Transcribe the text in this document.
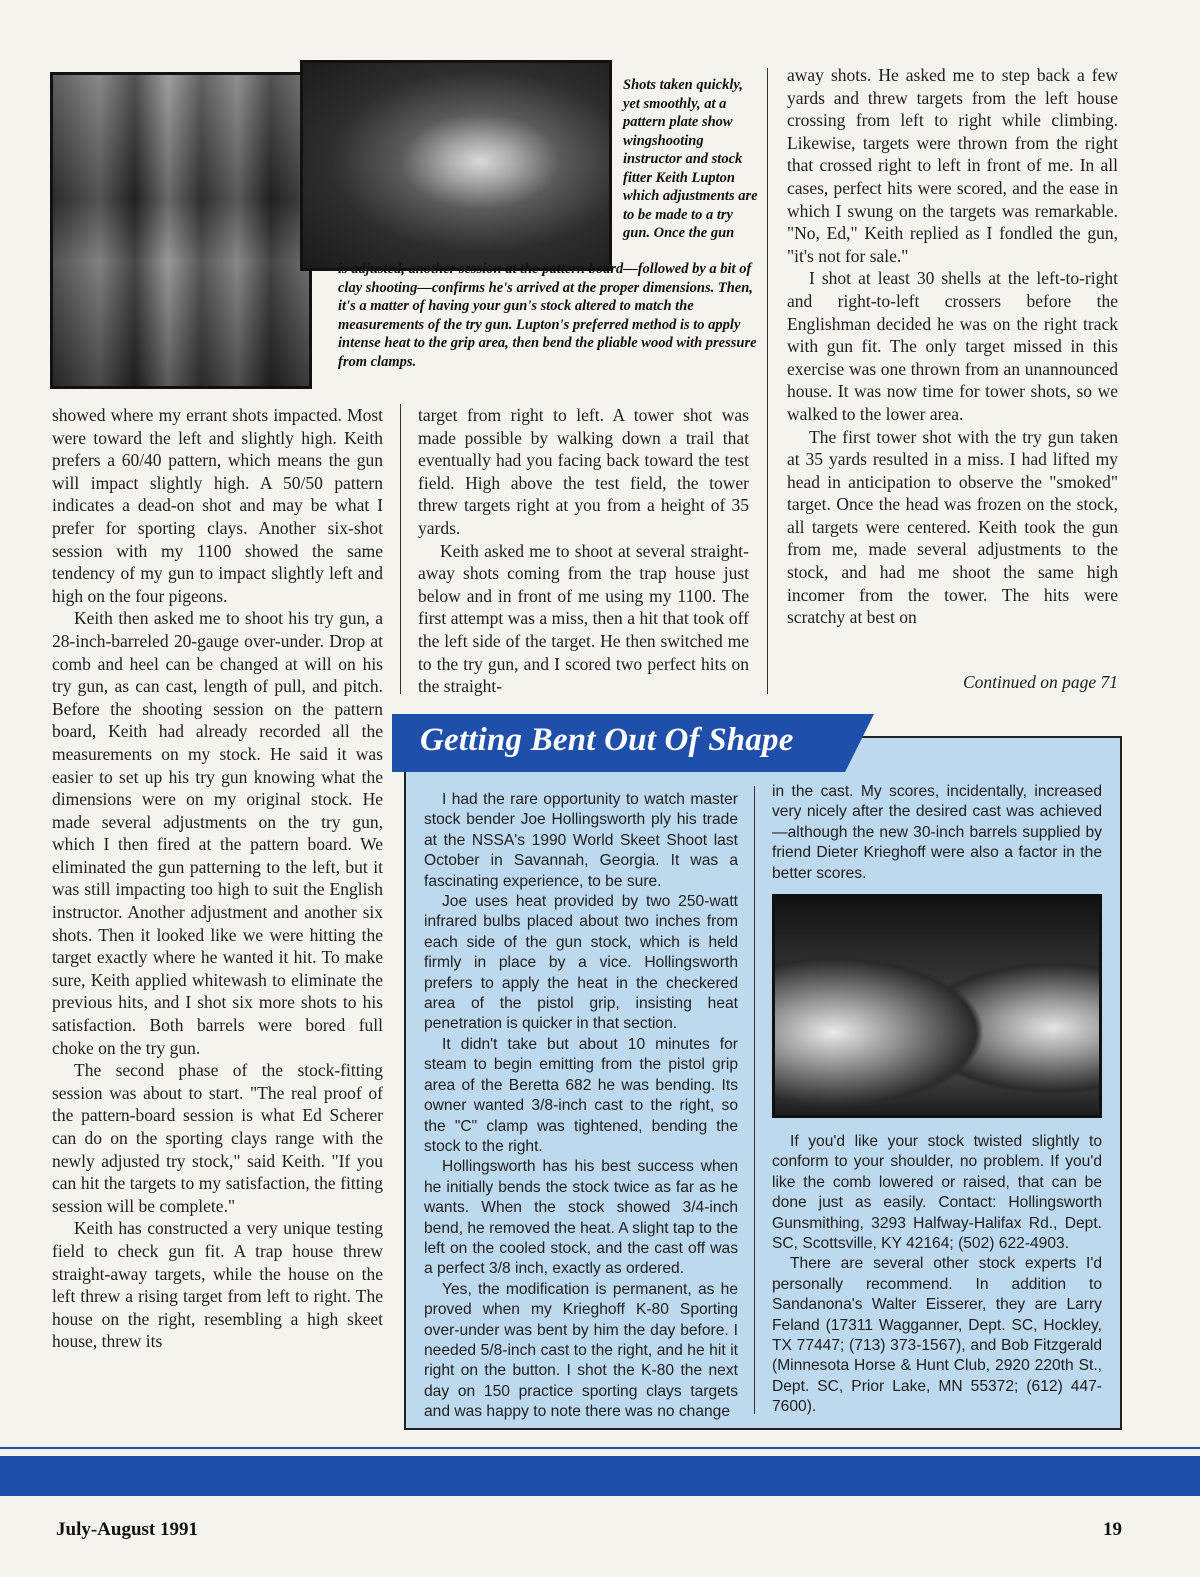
Shots taken quickly, yet smoothly, at a pattern plate show wingshooting instructor and stock fitter Keith Lupton which adjustments are to be made to a try gun. Once the gun
is adjusted, another session at the pattern board—followed by a bit of clay shooting—confirms he's arrived at the proper dimensions. Then, it's a matter of having your gun's stock altered to match the measurements of the try gun. Lupton's preferred method is to apply intense heat to the grip area, then bend the pliable wood with pressure from clamps.

showed where my errant shots impacted. Most were toward the left and slightly high. Keith prefers a 60/40 pattern, which means the gun will impact slightly high. A 50/50 pattern indicates a dead-on shot and may be what I prefer for sporting clays. Another six-shot session with my 1100 showed the same tendency of my gun to impact slightly left and high on the four pigeons.

Keith then asked me to shoot his try gun, a 28-inch-barreled 20-gauge over-under. Drop at comb and heel can be changed at will on his try gun, as can cast, length of pull, and pitch. Before the shooting session on the pattern board, Keith had already recorded all the measurements on my stock. He said it was easier to set up his try gun knowing what the dimensions were on my original stock. He made several adjustments on the try gun, which I then fired at the pattern board. We eliminated the gun patterning to the left, but it was still impacting too high to suit the English instructor. Another adjustment and another six shots. Then it looked like we were hitting the target exactly where he wanted it hit. To make sure, Keith applied whitewash to eliminate the previous hits, and I shot six more shots to his satisfaction. Both barrels were bored full choke on the try gun.

The second phase of the stock-fitting session was about to start. "The real proof of the pattern-board session is what Ed Scherer can do on the sporting clays range with the newly adjusted try stock," said Keith. "If you can hit the targets to my satisfaction, the fitting session will be complete."

Keith has constructed a very unique testing field to check gun fit. A trap house threw straight-away targets, while the house on the left threw a rising target from left to right. The house on the right, resembling a high skeet house, threw its

target from right to left. A tower shot was made possible by walking down a trail that eventually had you facing back toward the test field. High above the test field, the tower threw targets right at you from a height of 35 yards.

Keith asked me to shoot at several straight-away shots coming from the trap house just below and in front of me using my 1100. The first attempt was a miss, then a hit that took off the left side of the target. He then switched me to the try gun, and I scored two perfect hits on the straight-

away shots. He asked me to step back a few yards and threw targets from the left house crossing from left to right while climbing. Likewise, targets were thrown from the right that crossed right to left in front of me. In all cases, perfect hits were scored, and the ease in which I swung on the targets was remarkable. "No, Ed," Keith replied as I fondled the gun, "it's not for sale."

I shot at least 30 shells at the left-to-right and right-to-left crossers before the Englishman decided he was on the right track with gun fit. The only target missed in this exercise was one thrown from an unannounced house. It was now time for tower shots, so we walked to the lower area.

The first tower shot with the try gun taken at 35 yards resulted in a miss. I had lifted my head in anticipation to observe the "smoked" target. Once the head was frozen on the stock, all targets were centered. Keith took the gun from me, made several adjustments to the stock, and had me shoot the same high incomer from the tower. The hits were scratchy at best on

Continued on page 71
Getting Bent Out Of Shape

I had the rare opportunity to watch master stock bender Joe Hollingsworth ply his trade at the NSSA's 1990 World Skeet Shoot last October in Savannah, Georgia. It was a fascinating experience, to be sure.

Joe uses heat provided by two 250-watt infrared bulbs placed about two inches from each side of the gun stock, which is held firmly in place by a vice. Hollingsworth prefers to apply the heat in the checkered area of the pistol grip, insisting heat penetration is quicker in that section.

It didn't take but about 10 minutes for steam to begin emitting from the pistol grip area of the Beretta 682 he was bending. Its owner wanted 3/8-inch cast to the right, so the "C" clamp was tightened, bending the stock to the right.

Hollingsworth has his best success when he initially bends the stock twice as far as he wants. When the stock showed 3/4-inch bend, he removed the heat. A slight tap to the left on the cooled stock, and the cast off was a perfect 3/8 inch, exactly as ordered.

Yes, the modification is permanent, as he proved when my Krieghoff K-80 Sporting over-under was bent by him the day before. I needed 5/8-inch cast to the right, and he hit it right on the button. I shot the K-80 the next day on 150 practice sporting clays targets and was happy to note there was no change

in the cast. My scores, incidentally, increased very nicely after the desired cast was achieved—although the new 30-inch barrels supplied by friend Dieter Krieghoff were also a factor in the better scores.

If you'd like your stock twisted slightly to conform to your shoulder, no problem. If you'd like the comb lowered or raised, that can be done just as easily. Contact: Hollingsworth Gunsmithing, 3293 Halfway-Halifax Rd., Dept. SC, Scottsville, KY 42164; (502) 622-4903.

There are several other stock experts I'd personally recommend. In addition to Sandanona's Walter Eisserer, they are Larry Feland (17311 Wagganner, Dept. SC, Hockley, TX 77447; (713) 373-1567), and Bob Fitzgerald (Minnesota Horse & Hunt Club, 2920 220th St., Dept. SC, Prior Lake, MN 55372; (612) 447-7600).

July-August 1991	19
